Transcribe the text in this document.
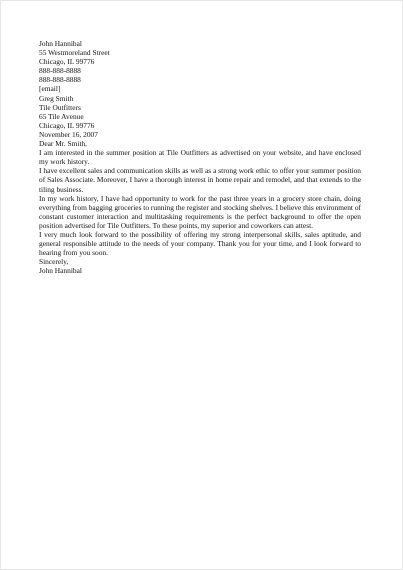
John Hannibal
55 Westmoreland Street
Chicago, IL 99776
888-888-8888
888-888-8888
[email]
Greg Smith
Tile Outfitters
65 Tile Avenue
Chicago, IL 99776
November 16, 2007
Dear Mr. Smith,
I am interested in the summer position at Tile Outfitters as advertised on your website, and have enclosed my work history.
I have excellent sales and communication skills as well as a strong work ethic to offer your summer position of Sales Associate. Moreover, I have a thorough interest in home repair and remodel, and that extends to the tiling business.
In my work history, I have had opportunity to work for the past three years in a grocery store chain, doing everything from bagging groceries to running the register and stocking shelves. I believe this environment of constant customer interaction and multitasking requirements is the perfect background to offer the open position advertised for Tile Outfitters. To these points, my superior and coworkers can attest.
I very much look forward to the possibility of offering my strong interpersonal skills, sales aptitude, and general responsible attitude to the needs of your company. Thank you for your time, and I look forward to hearing from you soon.
Sincerely,
John Hannibal
